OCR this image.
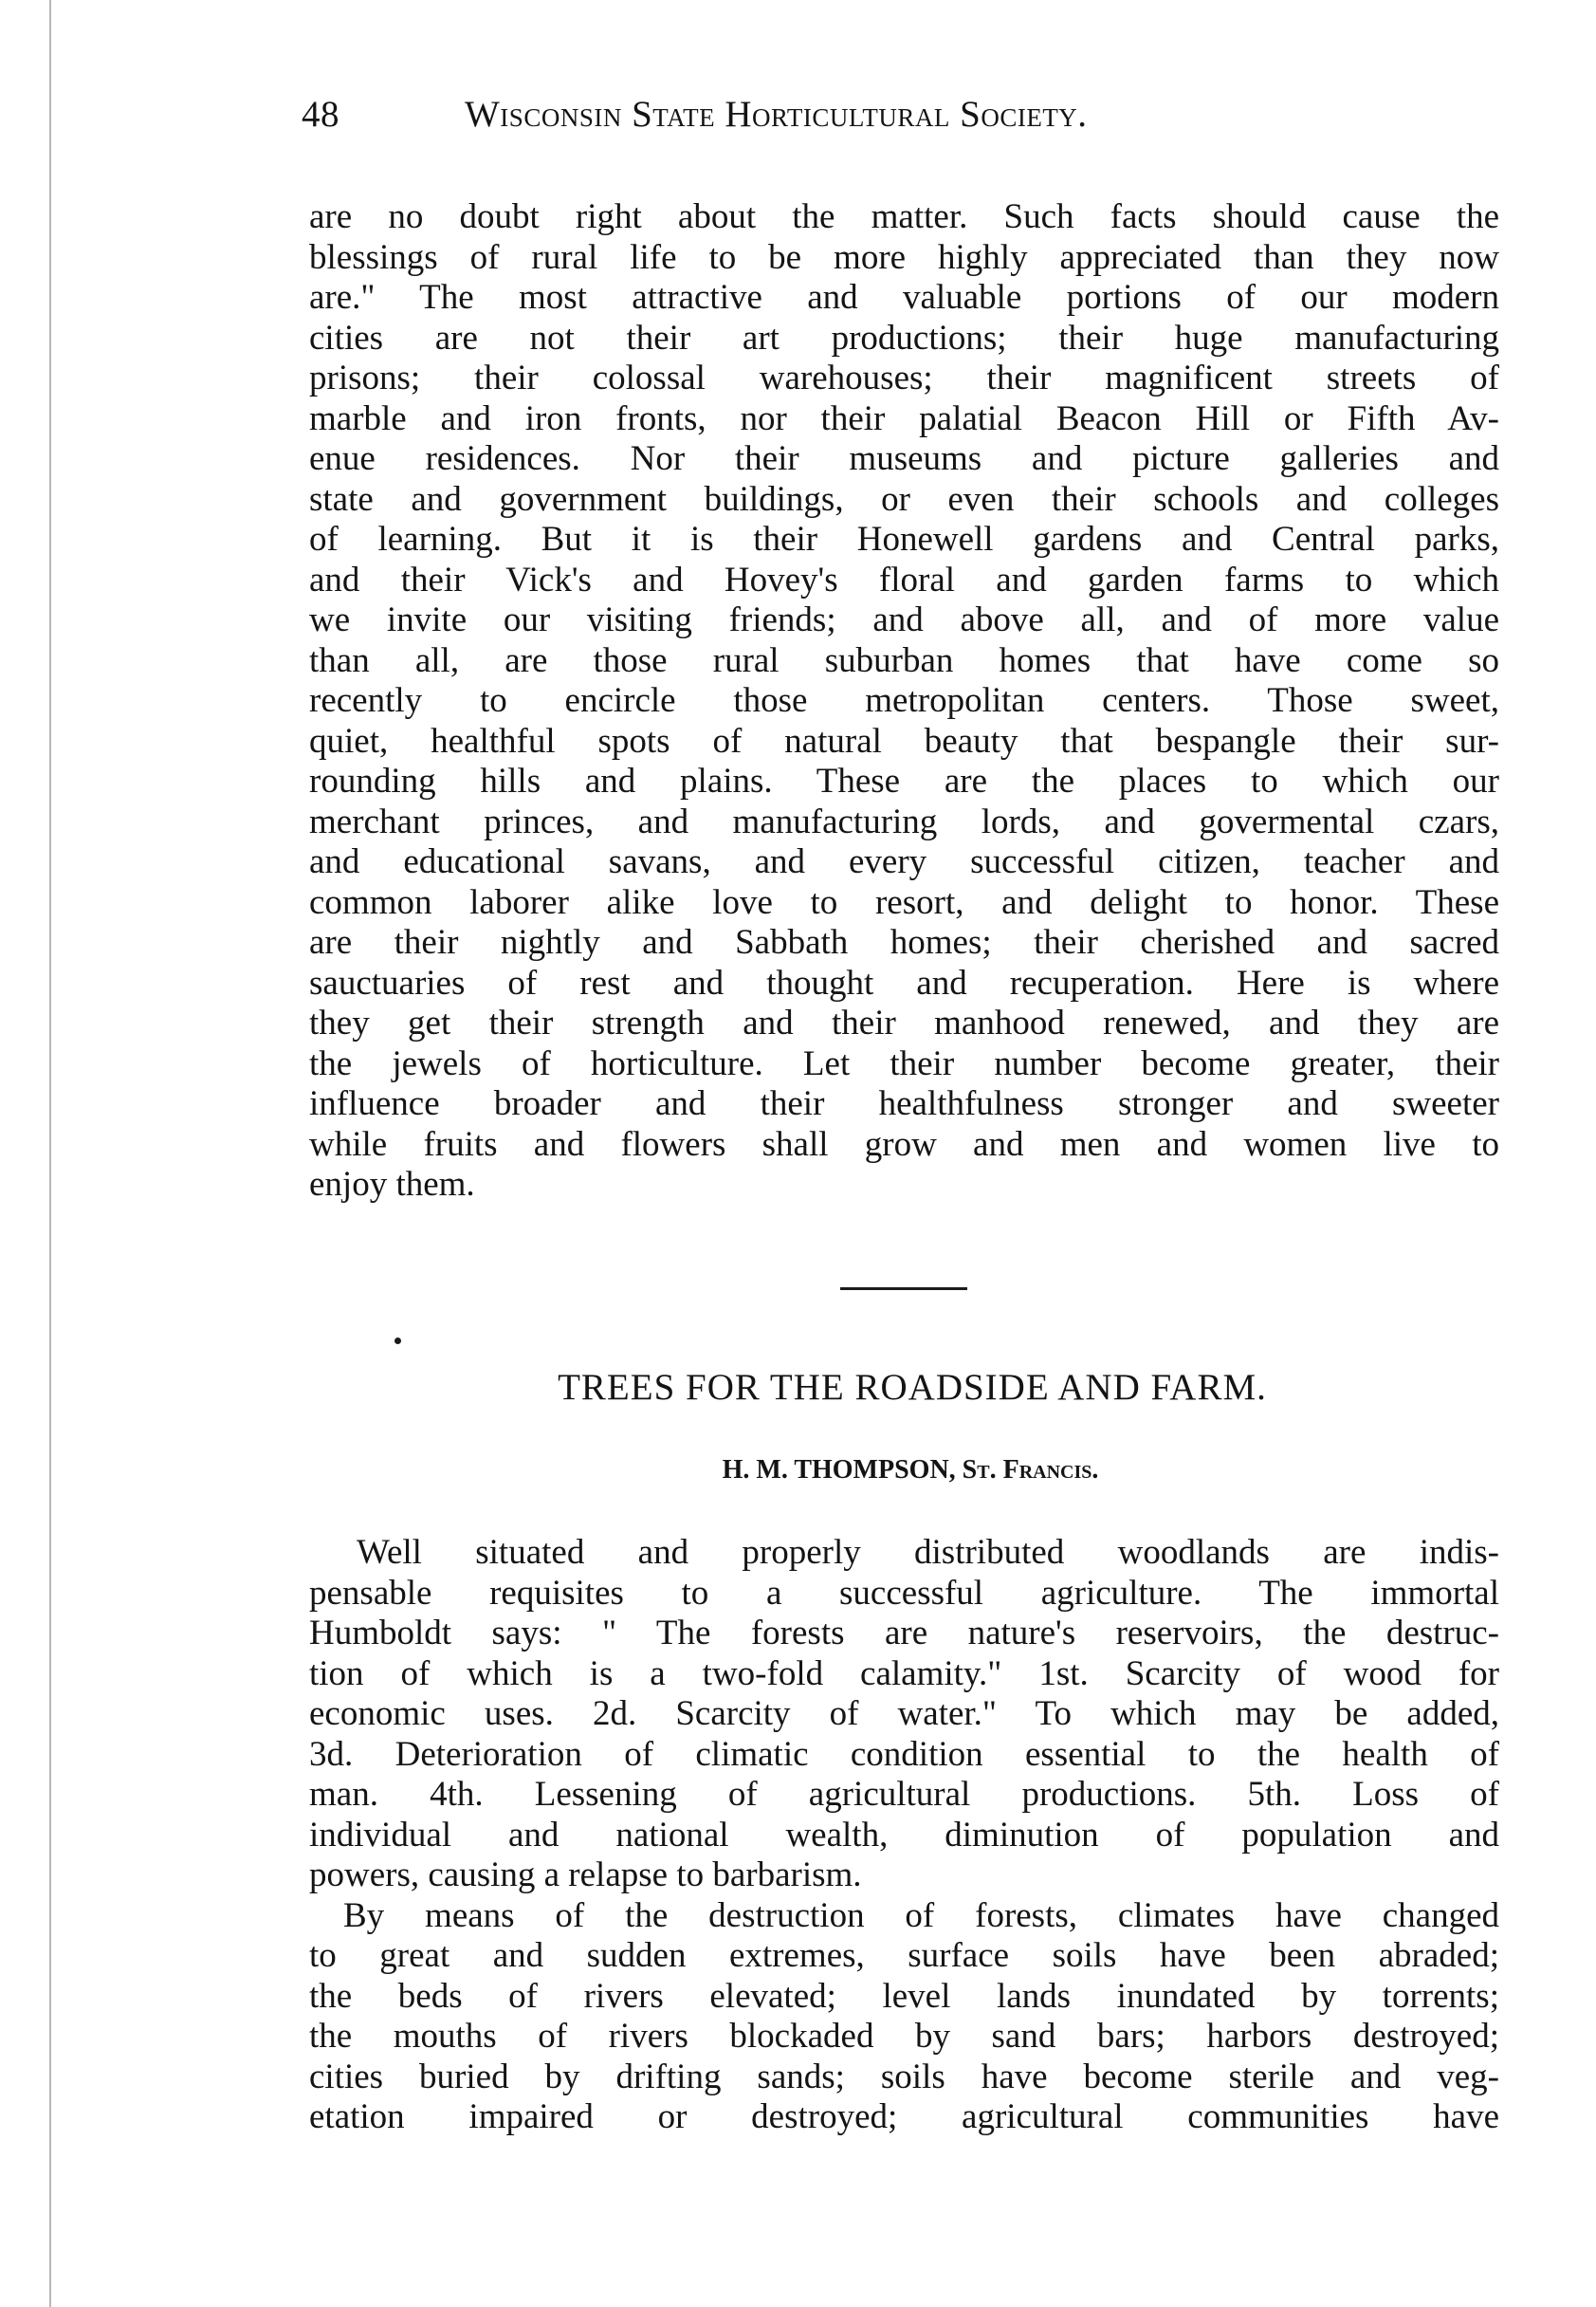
48	Wisconsin State Horticultural Society.
are no doubt right about the matter. Such facts should cause the
blessings of rural life to be more highly appreciated than they now
are." The most attractive and valuable portions of our modern
cities are not their art productions; their huge manufacturing
prisons; their colossal warehouses; their magnificent streets of
marble and iron fronts, nor their palatial Beacon Hill or Fifth Av-
enue residences. Nor their museums and picture galleries and
state and government buildings, or even their schools and colleges
of learning. But it is their Honewell gardens and Central parks,
and their Vick's and Hovey's floral and garden farms to which
we invite our visiting friends; and above all, and of more value
than all, are those rural suburban homes that have come so
recently to encircle those metropolitan centers. Those sweet,
quiet, healthful spots of natural beauty that bespangle their sur-
rounding hills and plains. These are the places to which our
merchant princes, and manufacturing lords, and govermental czars,
and educational savans, and every successful citizen, teacher and
common laborer alike love to resort, and delight to honor. These
are their nightly and Sabbath homes; their cherished and sacred
sauctuaries of rest and thought and recuperation. Here is where
they get their strength and their manhood renewed, and they are
the jewels of horticulture. Let their number become greater, their
influence broader and their healthfulness stronger and sweeter
while fruits and flowers shall grow and men and women live to
enjoy them.
TREES FOR THE ROADSIDE AND FARM.
H. M. THOMPSON, St. Francis.
Well situated and properly distributed woodlands are indis-
pensable requisites to a successful agriculture. The immortal
Humboldt says: " The forests are nature's reservoirs, the destruc-
tion of which is a two-fold calamity." 1st. Scarcity of wood for
economic uses. 2d. Scarcity of water." To which may be added,
3d. Deterioration of climatic condition essential to the health of
man. 4th. Lessening of agricultural productions. 5th. Loss of
individual and national wealth, diminution of population and
powers, causing a relapse to barbarism.
By means of the destruction of forests, climates have changed
to great and sudden extremes, surface soils have been abraded;
the beds of rivers elevated; level lands inundated by torrents;
the mouths of rivers blockaded by sand bars; harbors destroyed;
cities buried by drifting sands; soils have become sterile and veg-
etation impaired or destroyed; agricultural communities have
